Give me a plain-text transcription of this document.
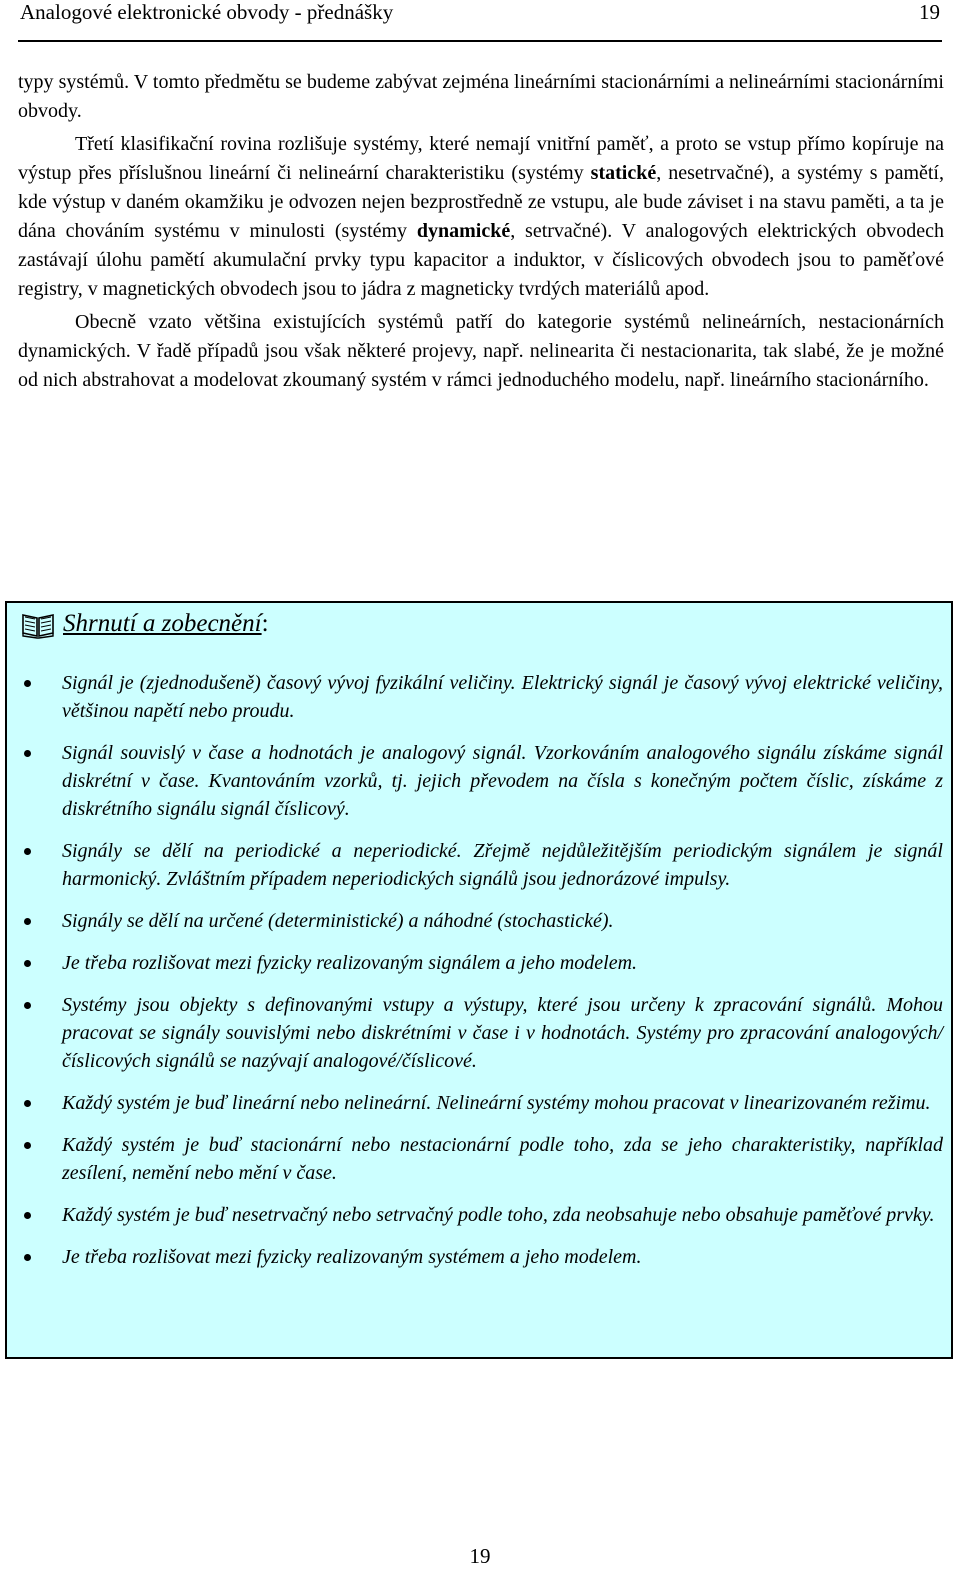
Analogové elektronické obvody - přednášky	19

typy systémů. V tomto předmětu se budeme zabývat zejména lineárními stacionárními a nelineárními stacionárními obvody.

Třetí klasifikační rovina rozlišuje systémy, které nemají vnitřní paměť, a proto se vstup přímo kopíruje na výstup přes příslušnou lineární či nelineární charakteristiku (systémy statické, nesetrvačné), a systémy s pamětí, kde výstup v daném okamžiku je odvozen nejen bezprostředně ze vstupu, ale bude záviset i na stavu paměti, a ta je dána chováním systému v minulosti (systémy dynamické, setrvačné). V analogových elektrických obvodech zastávají úlohu pamětí akumulační prvky typu kapacitor a induktor, v číslicových obvodech jsou to paměťové registry, v magnetických obvodech jsou to jádra z magneticky tvrdých materiálů apod.

Obecně vzato většina existujících systémů patří do kategorie systémů nelineárních, nestacionárních dynamických. V řadě případů jsou však některé projevy, např. nelinearita či nestacionarita, tak slabé, že je možné od nich abstrahovat a modelovat zkoumaný systém v rámci jednoduchého modelu, např. lineárního stacionárního.

Shrnutí a zobecnění :
Signál je (zjednodušeně) časový vývoj fyzikální veličiny. Elektrický signál je časový vývoj elektrické veličiny, většinou napětí nebo proudu.
Signál souvislý v čase a hodnotách je analogový signál. Vzorkováním analogového signálu získáme signál diskrétní v čase. Kvantováním vzorků, tj. jejich převodem na čísla s konečným počtem číslic, získáme z diskrétního signálu signál číslicový.
Signály se dělí na periodické a neperiodické. Zřejmě nejdůležitějším periodickým signálem je signál harmonický. Zvláštním případem neperiodických signálů jsou jednorázové impulsy.
Signály se dělí na určené (deterministické) a náhodné (stochastické).
Je třeba rozlišovat mezi fyzicky realizovaným signálem a jeho modelem.
Systémy jsou objekty s definovanými vstupy a výstupy, které jsou určeny k zpracování signálů. Mohou pracovat se signály souvislými nebo diskrétními v čase i v hodnotách. Systémy pro zpracování analogových/číslicových signálů se nazývají analogové/číslicové.
Každý systém je buď lineární nebo nelineární. Nelineární systémy mohou pracovat v linearizovaném režimu.
Každý systém je buď stacionární nebo nestacionární podle toho, zda se jeho charakteristiky, například zesílení, nemění nebo mění v čase.
Každý systém je buď nesetrvačný nebo setrvačný podle toho, zda neobsahuje nebo obsahuje paměťové prvky.
Je třeba rozlišovat mezi fyzicky realizovaným systémem a jeho modelem.
19
